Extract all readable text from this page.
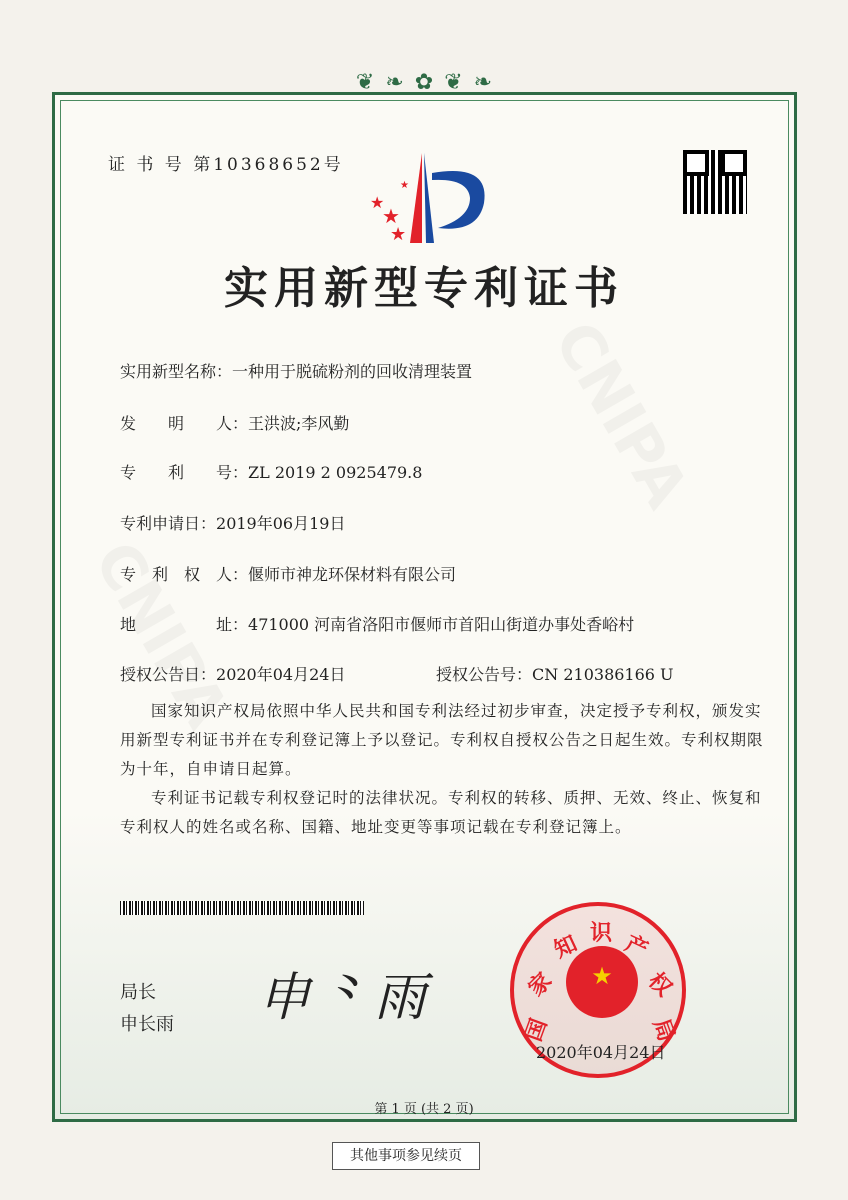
❦ ❧ ✿ ❦ ❧
证 书 号 第10368652号
★
★
★
★
实用新型专利证书
实用新型名称：一种用于脱硫粉剂的回收清理装置
发　　明　　人：王洪波;李风勤
专　　利　　号：ZL 2019 2 0925479.8
专利申请日：2019年06月19日
专　利　权　人：偃师市神龙环保材料有限公司
地　　　　　址：471000 河南省洛阳市偃师市首阳山街道办事处香峪村
授权公告日：2020年04月24日	授权公告号：CN 210386166 U
国家知识产权局依照中华人民共和国专利法经过初步审查，决定授予专利权，颁发实用新型专利证书并在专利登记簿上予以登记。专利权自授权公告之日起生效。专利权期限为十年，自申请日起算。
专利证书记载专利权登记时的法律状况。专利权的转移、质押、无效、终止、恢复和专利权人的姓名或名称、国籍、地址变更等事项记载在专利登记簿上。
局长
申长雨 申⺀雨	★
国
家
知 识 产
权
局
2020年04月24日
第 1 页 (共 2 页)
其他事项参见续页
